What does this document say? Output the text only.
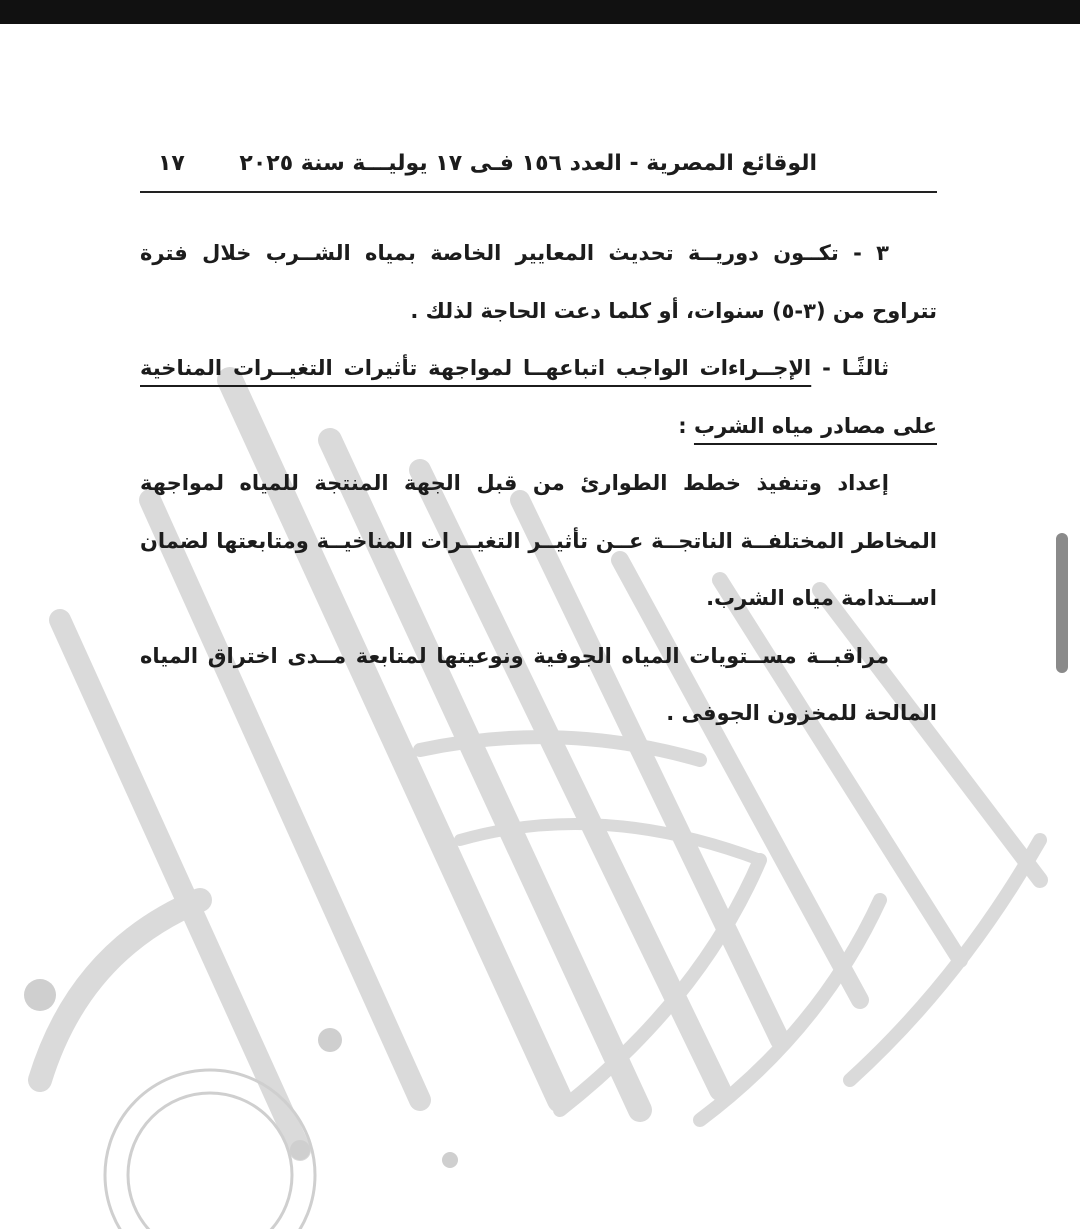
الوقائع المصرية - العدد ١٥٦ فـى ١٧ يوليـــة سنة ٢٠٢٥
١٧

٣ - تكــون دوريــة تحديث المعايير الخاصة بمياه الشــرب خلال فترة تتراوح من (٣-٥) سنوات، أو كلما دعت الحاجة لذلك .

ثالثًـا - الإجــراءات الواجب اتباعهــا لمواجهة تأثيرات التغيــرات المناخية على مصادر مياه الشرب :

إعداد وتنفيذ خطط الطوارئ من قبل الجهة المنتجة للمياه لمواجهة المخاطر المختلفــة الناتجــة عــن تأثيــر التغيــرات المناخيــة ومتابعتها لضمان اســتدامة مياه الشرب.

مراقبــة مســتويات المياه الجوفية ونوعيتها لمتابعة مــدى اختراق المياه المالحة للمخزون الجوفى .
